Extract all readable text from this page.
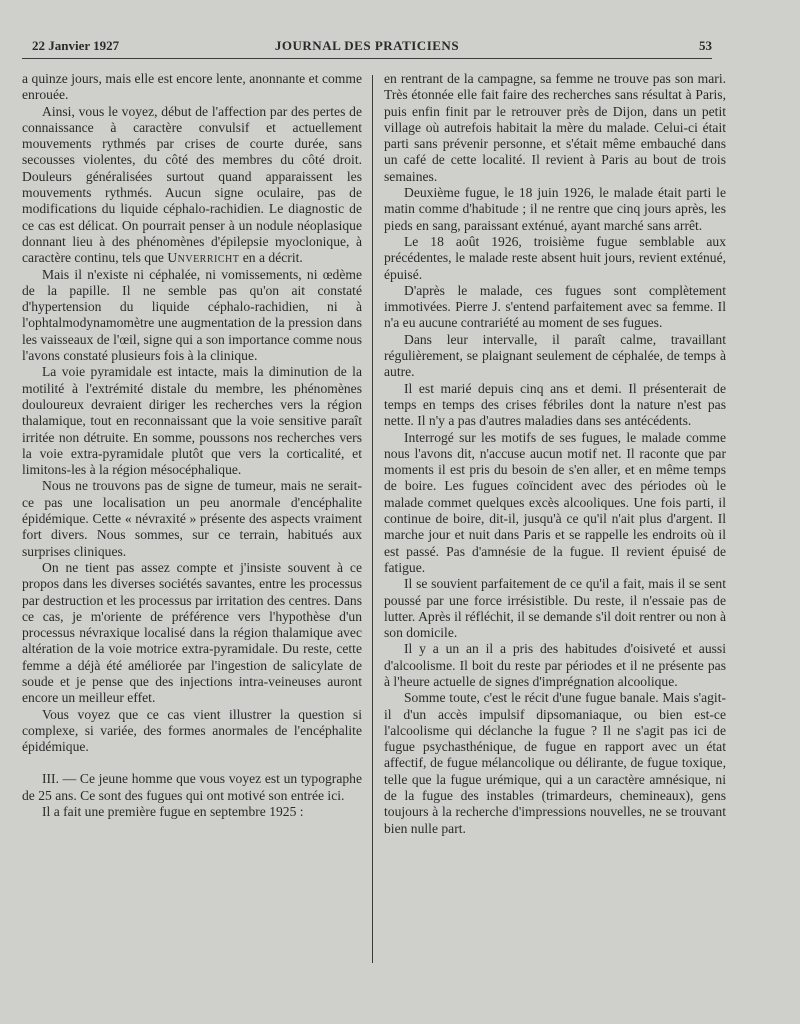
22 Janvier 1927	JOURNAL DES PRATICIENS	53

a quinze jours, mais elle est encore lente, anonnante et comme enrouée.

Ainsi, vous le voyez, début de l'affection par des pertes de connaissance à caractère convulsif et actuellement mouvements rythmés par crises de courte durée, sans secousses violentes, du côté des membres du côté droit. Douleurs généralisées surtout quand apparaissent les mouvements rythmés. Aucun signe oculaire, pas de modifications du liquide céphalo-rachidien. Le diagnostic de ce cas est délicat. On pourrait penser à un nodule néoplasique donnant lieu à des phénomènes d'épilepsie myoclonique, à caractère continu, tels que Unverricht en a décrit.

Mais il n'existe ni céphalée, ni vomissements, ni œdème de la papille. Il ne semble pas qu'on ait constaté d'hypertension du liquide céphalo-rachidien, ni à l'ophtalmodynamomètre une augmentation de la pression dans les vaisseaux de l'œil, signe qui a son importance comme nous l'avons constaté plusieurs fois à la clinique.

La voie pyramidale est intacte, mais la diminution de la motilité à l'extrémité distale du membre, les phénomènes douloureux devraient diriger les recherches vers la région thalamique, tout en reconnaissant que la voie sensitive paraît irritée non détruite. En somme, poussons nos recherches vers la voie extra-pyramidale plutôt que vers la corticalité, et limitons-les à la région mésocéphalique.

Nous ne trouvons pas de signe de tumeur, mais ne serait-ce pas une localisation un peu anormale d'encéphalite épidémique. Cette « névraxité » présente des aspects vraiment fort divers. Nous sommes, sur ce terrain, habitués aux surprises cliniques.

On ne tient pas assez compte et j'insiste souvent à ce propos dans les diverses sociétés savantes, entre les processus par destruction et les processus par irritation des centres. Dans ce cas, je m'oriente de préférence vers l'hypothèse d'un processus névraxique localisé dans la région thalamique avec altération de la voie motrice extra-pyramidale. Du reste, cette femme a déjà été améliorée par l'ingestion de salicylate de soude et je pense que des injections intra-veineuses auront encore un meilleur effet.

Vous voyez que ce cas vient illustrer la question si complexe, si variée, des formes anormales de l'encéphalite épidémique.

III. — Ce jeune homme que vous voyez est un typographe de 25 ans. Ce sont des fugues qui ont motivé son entrée ici.

Il a fait une première fugue en septembre 1925 :

en rentrant de la campagne, sa femme ne trouve pas son mari. Très étonnée elle fait faire des recherches sans résultat à Paris, puis enfin finit par le retrouver près de Dijon, dans un petit village où autrefois habitait la mère du malade. Celui-ci était parti sans prévenir personne, et s'était même embauché dans un café de cette localité. Il revient à Paris au bout de trois semaines.

Deuxième fugue, le 18 juin 1926, le malade était parti le matin comme d'habitude ; il ne rentre que cinq jours après, les pieds en sang, paraissant exténué, ayant marché sans arrêt.

Le 18 août 1926, troisième fugue semblable aux précédentes, le malade reste absent huit jours, revient exténué, épuisé.

D'après le malade, ces fugues sont complètement immotivées. Pierre J. s'entend parfaitement avec sa femme. Il n'a eu aucune contrariété au moment de ses fugues.

Dans leur intervalle, il paraît calme, travaillant régulièrement, se plaignant seulement de céphalée, de temps à autre.

Il est marié depuis cinq ans et demi. Il présenterait de temps en temps des crises fébriles dont la nature n'est pas nette. Il n'y a pas d'autres maladies dans ses antécédents.

Interrogé sur les motifs de ses fugues, le malade comme nous l'avons dit, n'accuse aucun motif net. Il raconte que par moments il est pris du besoin de s'en aller, et en même temps de boire. Les fugues coïncident avec des périodes où le malade commet quelques excès alcooliques. Une fois parti, il continue de boire, dit-il, jusqu'à ce qu'il n'ait plus d'argent. Il marche jour et nuit dans Paris et se rappelle les endroits où il est passé. Pas d'amnésie de la fugue. Il revient épuisé de fatigue.

Il se souvient parfaitement de ce qu'il a fait, mais il se sent poussé par une force irrésistible. Du reste, il n'essaie pas de lutter. Après il réfléchit, il se demande s'il doit rentrer ou non à son domicile.

Il y a un an il a pris des habitudes d'oisiveté et aussi d'alcoolisme. Il boit du reste par périodes et il ne présente pas à l'heure actuelle de signes d'imprégnation alcoolique.

Somme toute, c'est le récit d'une fugue banale. Mais s'agit-il d'un accès impulsif dipsomaniaque, ou bien est-ce l'alcoolisme qui déclanche la fugue ? Il ne s'agit pas ici de fugue psychasthénique, de fugue en rapport avec un état affectif, de fugue mélancolique ou délirante, de fugue toxique, telle que la fugue urémique, qui a un caractère amnésique, ni de la fugue des instables (trimardeurs, chemineaux), gens toujours à la recherche d'impressions nouvelles, ne se trouvant bien nulle part.
